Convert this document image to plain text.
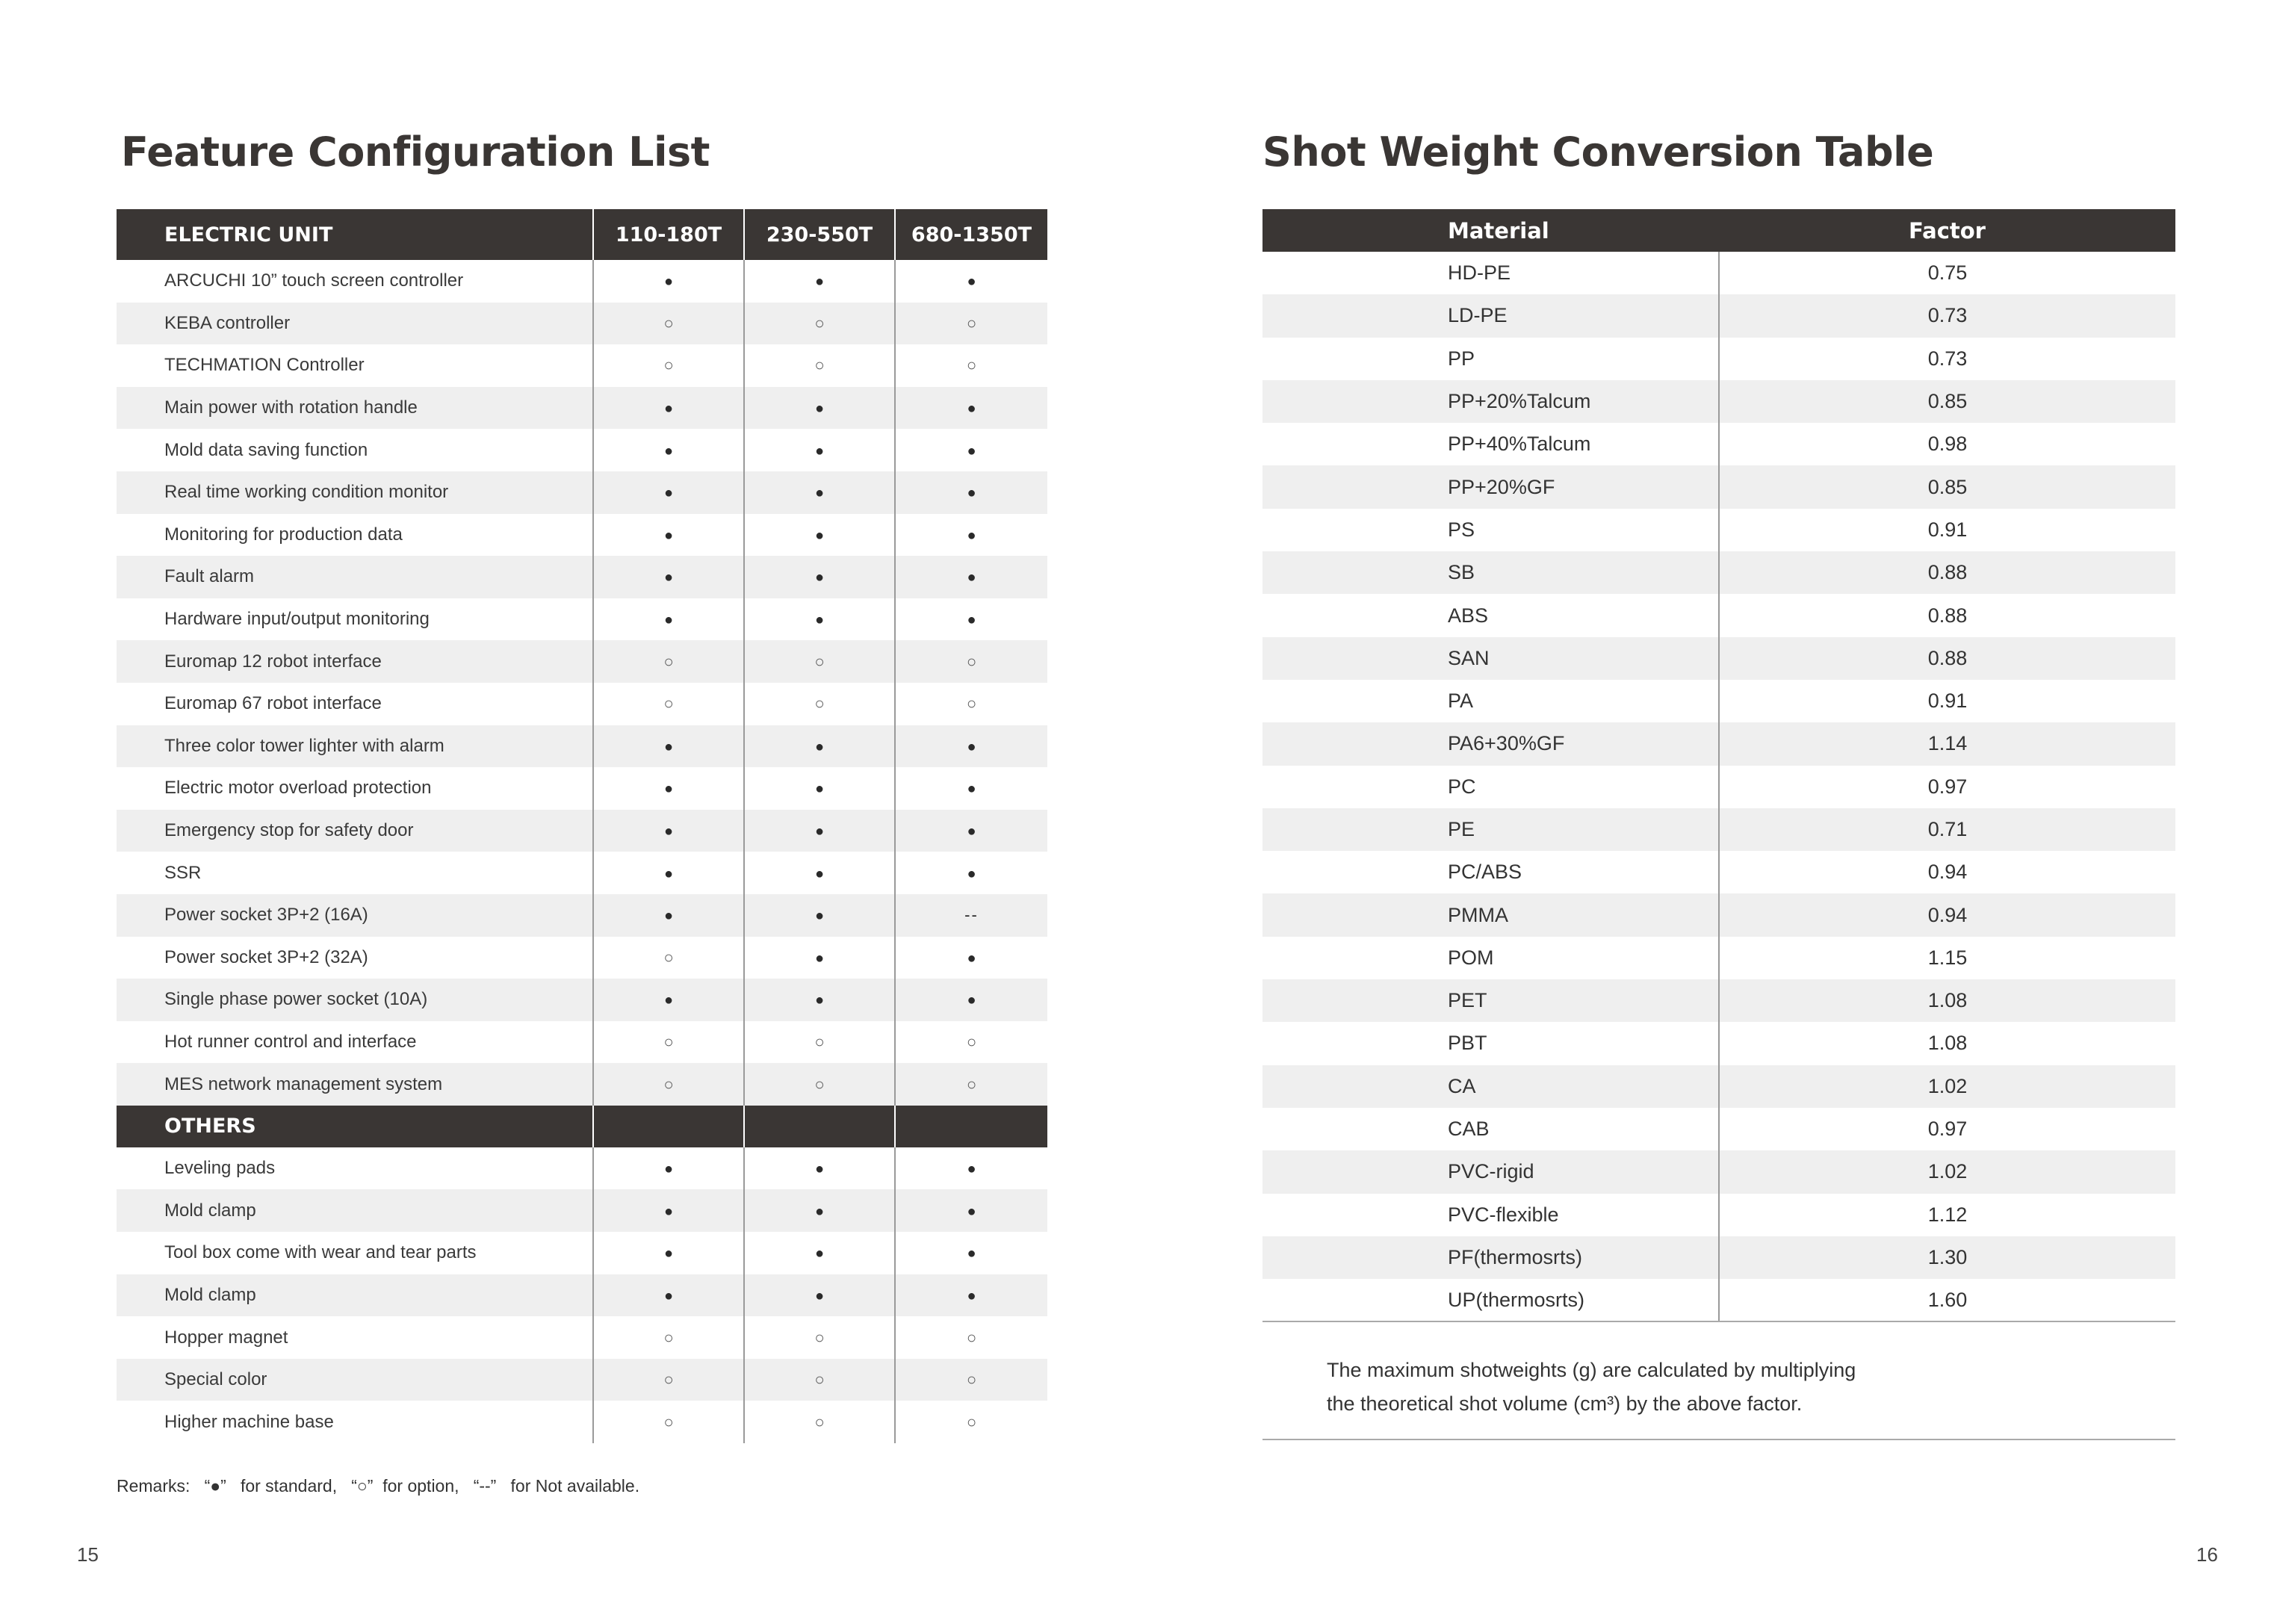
Feature Configuration List
ELECTRIC UNIT	110-180T	230-550T	680-1350T
ARCUCHI 10” touch screen controller	●	●	●
KEBA controller	○	○	○
TECHMATION Controller	○	○	○
Main power with rotation handle	●	●	●
Mold data saving function	●	●	●
Real time working condition monitor	●	●	●
Monitoring for production data	●	●	●
Fault alarm	●	●	●
Hardware input/output monitoring	●	●	●
Euromap 12 robot interface	○	○	○
Euromap 67 robot interface	○	○	○
Three color tower lighter with alarm	●	●	●
Electric motor overload protection	●	●	●
Emergency stop for safety door	●	●	●
SSR	●	●	●
Power socket 3P+2 (16A)	●	●	--
Power socket 3P+2 (32A)	○	●	●
Single phase power socket (10A)	●	●	●
Hot runner control and interface	○	○	○
MES network management system	○	○	○
OTHERS			
Leveling pads	●	●	●
Mold clamp	●	●	●
Tool box come with wear and tear parts	●	●	●
Mold clamp	●	●	●
Hopper magnet	○	○	○
Special color	○	○	○
Higher machine base	○	○	○
Remarks:   “●”   for standard,   “○”  for option,   “--”   for Not available.
15
Shot Weight Conversion Table
Material	Factor
HD-PE	0.75
LD-PE	0.73
PP	0.73
PP+20%Talcum	0.85
PP+40%Talcum	0.98
PP+20%GF	0.85
PS	0.91
SB	0.88
ABS	0.88
SAN	0.88
PA	0.91
PA6+30%GF	1.14
PC	0.97
PE	0.71
PC/ABS	0.94
PMMA	0.94
POM	1.15
PET	1.08
PBT	1.08
CA	1.02
CAB	0.97
PVC-rigid	1.02
PVC-flexible	1.12
PF(thermosrts)	1.30
UP(thermosrts)	1.60
The maximum shotweights (g) are calculated by multiplying
the theoretical shot volume (cm³) by the above factor.
16
